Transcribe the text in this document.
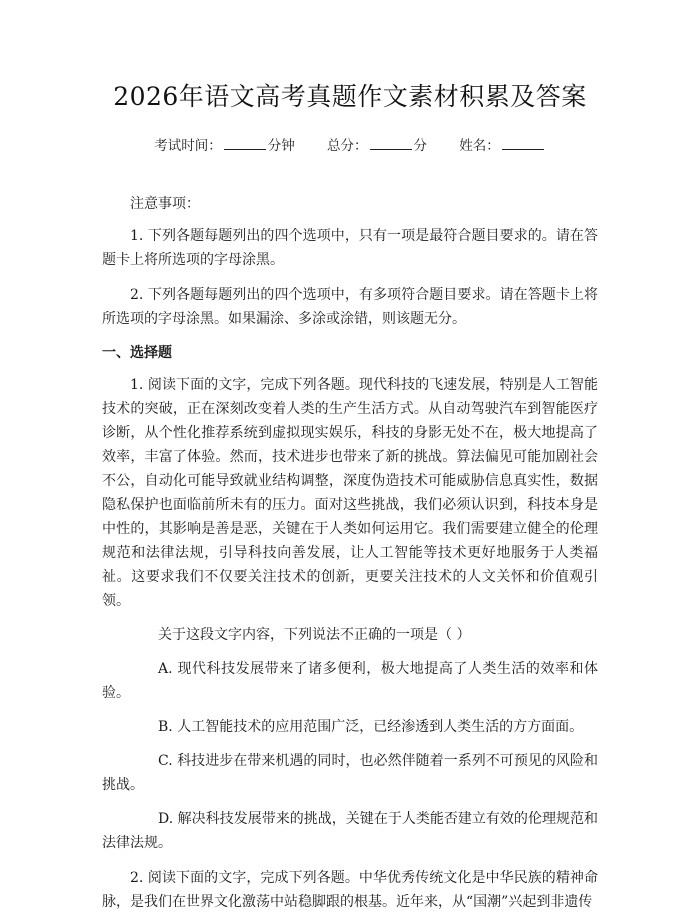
2026年语文高考真题作文素材积累及答案
考试时间：	分钟 总分：	分 姓名：
注意事项：

1. 下列各题每题列出的四个选项中，只有一项是最符合题目要求的。请在答题卡上将所选项的字母涂黑。

2. 下列各题每题列出的四个选项中，有多项符合题目要求。请在答题卡上将所选项的字母涂黑。如果漏涂、多涂或涂错，则该题无分。

一、选择题

1. 阅读下面的文字，完成下列各题。现代科技的飞速发展，特别是人工智能技术的突破，正在深刻改变着人类的生产生活方式。从自动驾驶汽车到智能医疗诊断，从个性化推荐系统到虚拟现实娱乐，科技的身影无处不在，极大地提高了效率，丰富了体验。然而，技术进步也带来了新的挑战。算法偏见可能加剧社会不公，自动化可能导致就业结构调整，深度伪造技术可能威胁信息真实性，数据隐私保护也面临前所未有的压力。面对这些挑战，我们必须认识到，科技本身是中性的，其影响是善是恶，关键在于人类如何运用它。我们需要建立健全的伦理规范和法律法规，引导科技向善发展，让人工智能等技术更好地服务于人类福祉。这要求我们不仅要关注技术的创新，更要关注技术的人文关怀和价值观引领。

关于这段文字内容，下列说法不正确的一项是（ ）

A. 现代科技发展带来了诸多便利，极大地提高了人类生活的效率和体验。

B. 人工智能技术的应用范围广泛，已经渗透到人类生活的方方面面。

C. 科技进步在带来机遇的同时，也必然伴随着一系列不可预见的风险和挑战。

D. 解决科技发展带来的挑战，关键在于人类能否建立有效的伦理规范和法律法规。

2. 阅读下面的文字，完成下列各题。中华优秀传统文化是中华民族的精神命脉，是我们在世界文化激荡中站稳脚跟的根基。近年来，从“国潮”兴起到非遗传
